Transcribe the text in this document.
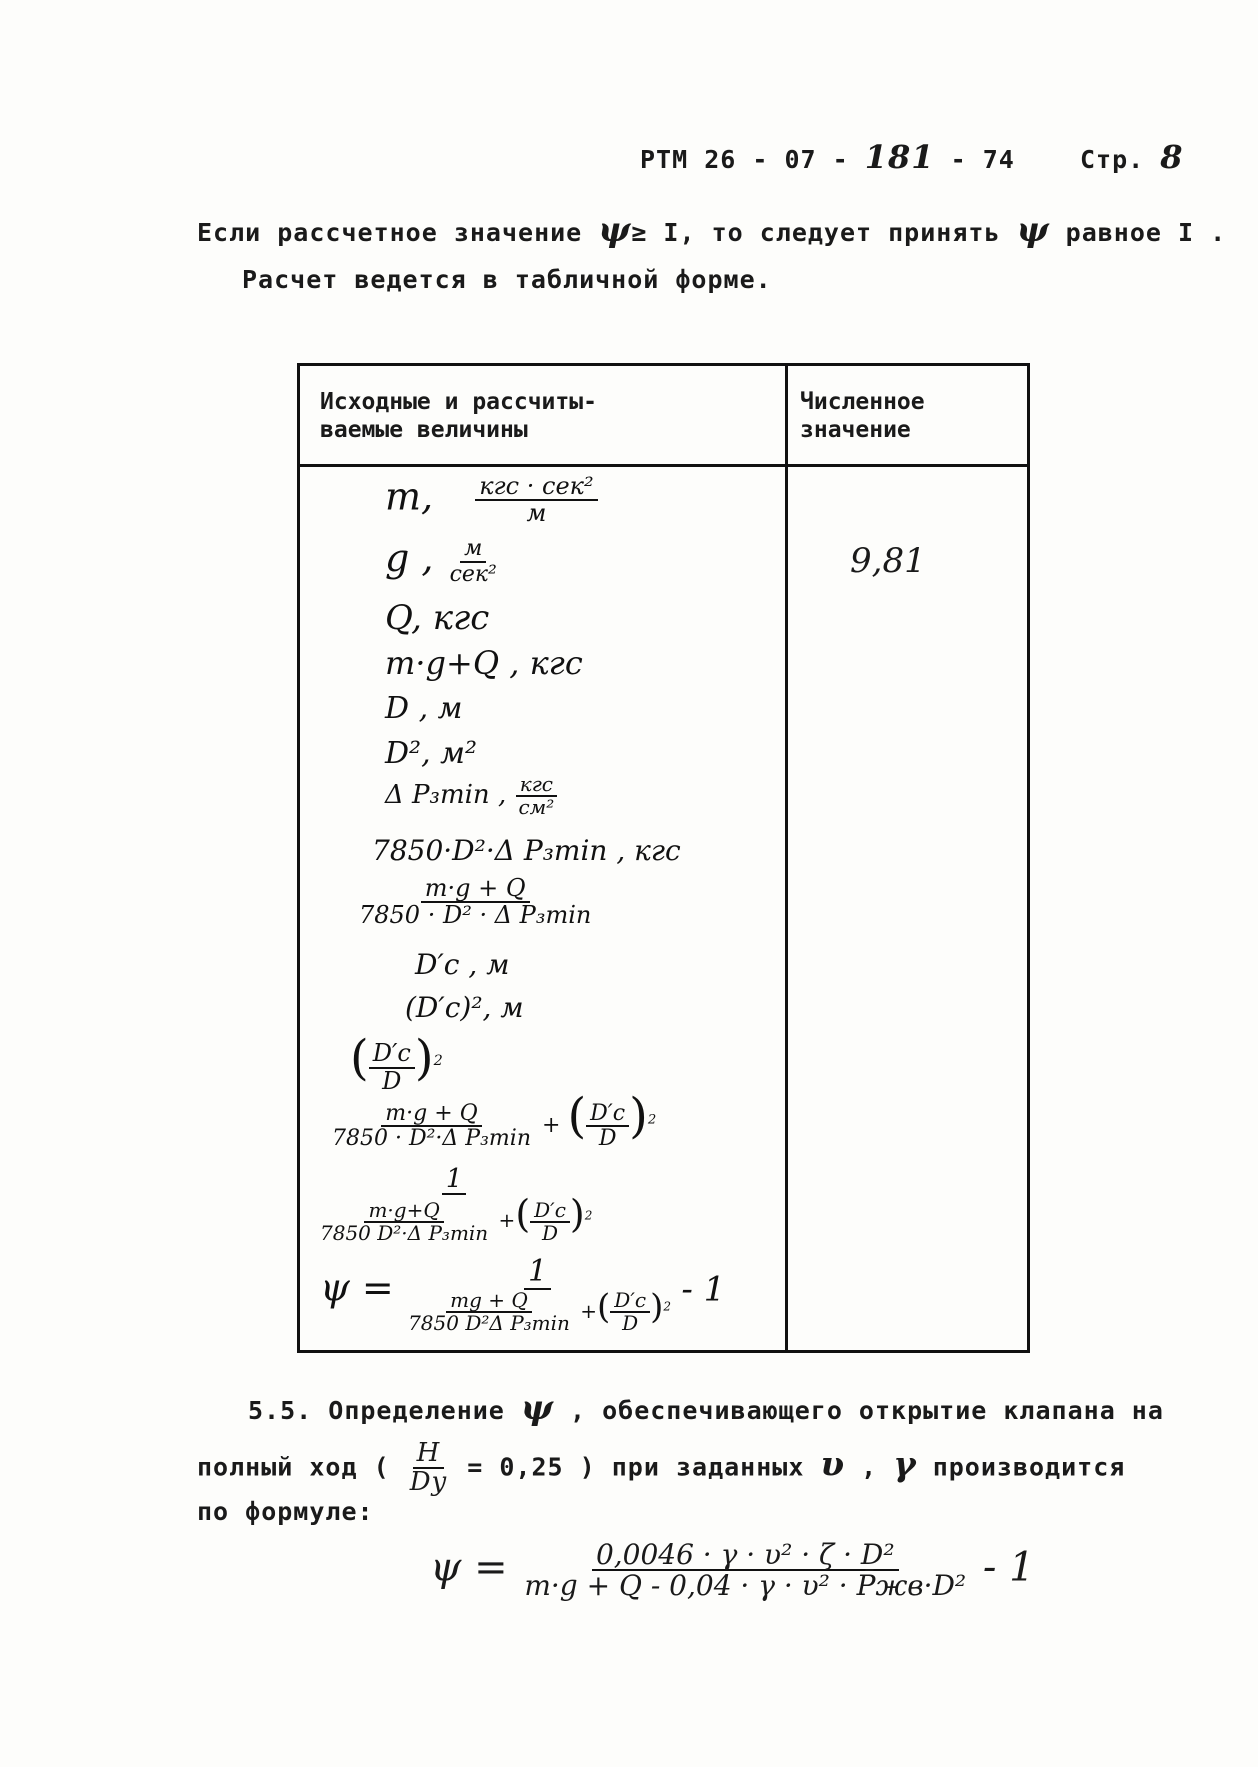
РТМ 26 - 07 - 181 - 74	Стр. 8
Если рассчетное значение ψ≥ I, то следует принять ψ равное I .
Расчет ведется в табличной форме.
Исходные и рассчиты-
ваемые величины
Численное
значение
m, $\frac{\text{кгс · сек²}}{м}$
g , $\frac{м}{\text{сек²}}$	9,81
Q, кгс
m·g+Q , кгс
D , м
D², м²
Δ P₃min , $\frac{\text{кгс}}{\text{см²}}$
7850·D²·Δ P₃min , кгс
$\frac{m\cdot g + Q}{\text{7850 · D² · Δ P₃min}}$
D′c , м
(D′c)², м
( $\frac{D'c}{D} )^2$
$\frac{m\cdot g + Q}{\text{7850 · D²·Δ P₃min}}$ + ( $\frac{D'c}{D} )^2$
1
$\frac{m\cdot g+Q}{\text{7850 D²·Δ P₃min}}$ +( $\frac{D'c}{D} )^2$
ψ =	1
$\frac{mg + Q}{\text{7850 D²Δ P₃min}}$ +( $\frac{D'c}{D} )^2 - 1$
5.5. Определение ψ , обеспечивающего открытие клапана на
полный ход ( $\frac{H}{Dy} = 0,25$ ) при заданных υ , γ производится
по формуле:
$\psi = \frac{\text{0,0046 · γ · υ² · ζ · D²}}{\text{m·g + Q - 0,04 · γ · υ² · P̄жв·D²}} - 1$
